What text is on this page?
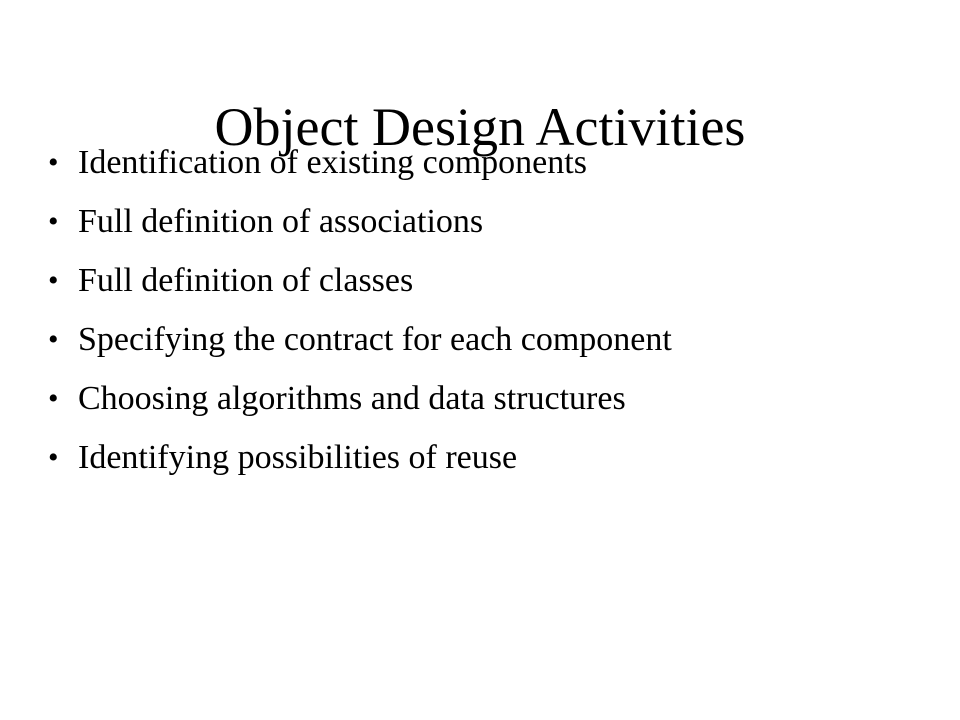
Object Design Activities
• Identification of existing components
• Full definition of associations
• Full definition of classes
• Specifying the contract for each component
• Choosing algorithms and data structures
• Identifying possibilities of reuse
